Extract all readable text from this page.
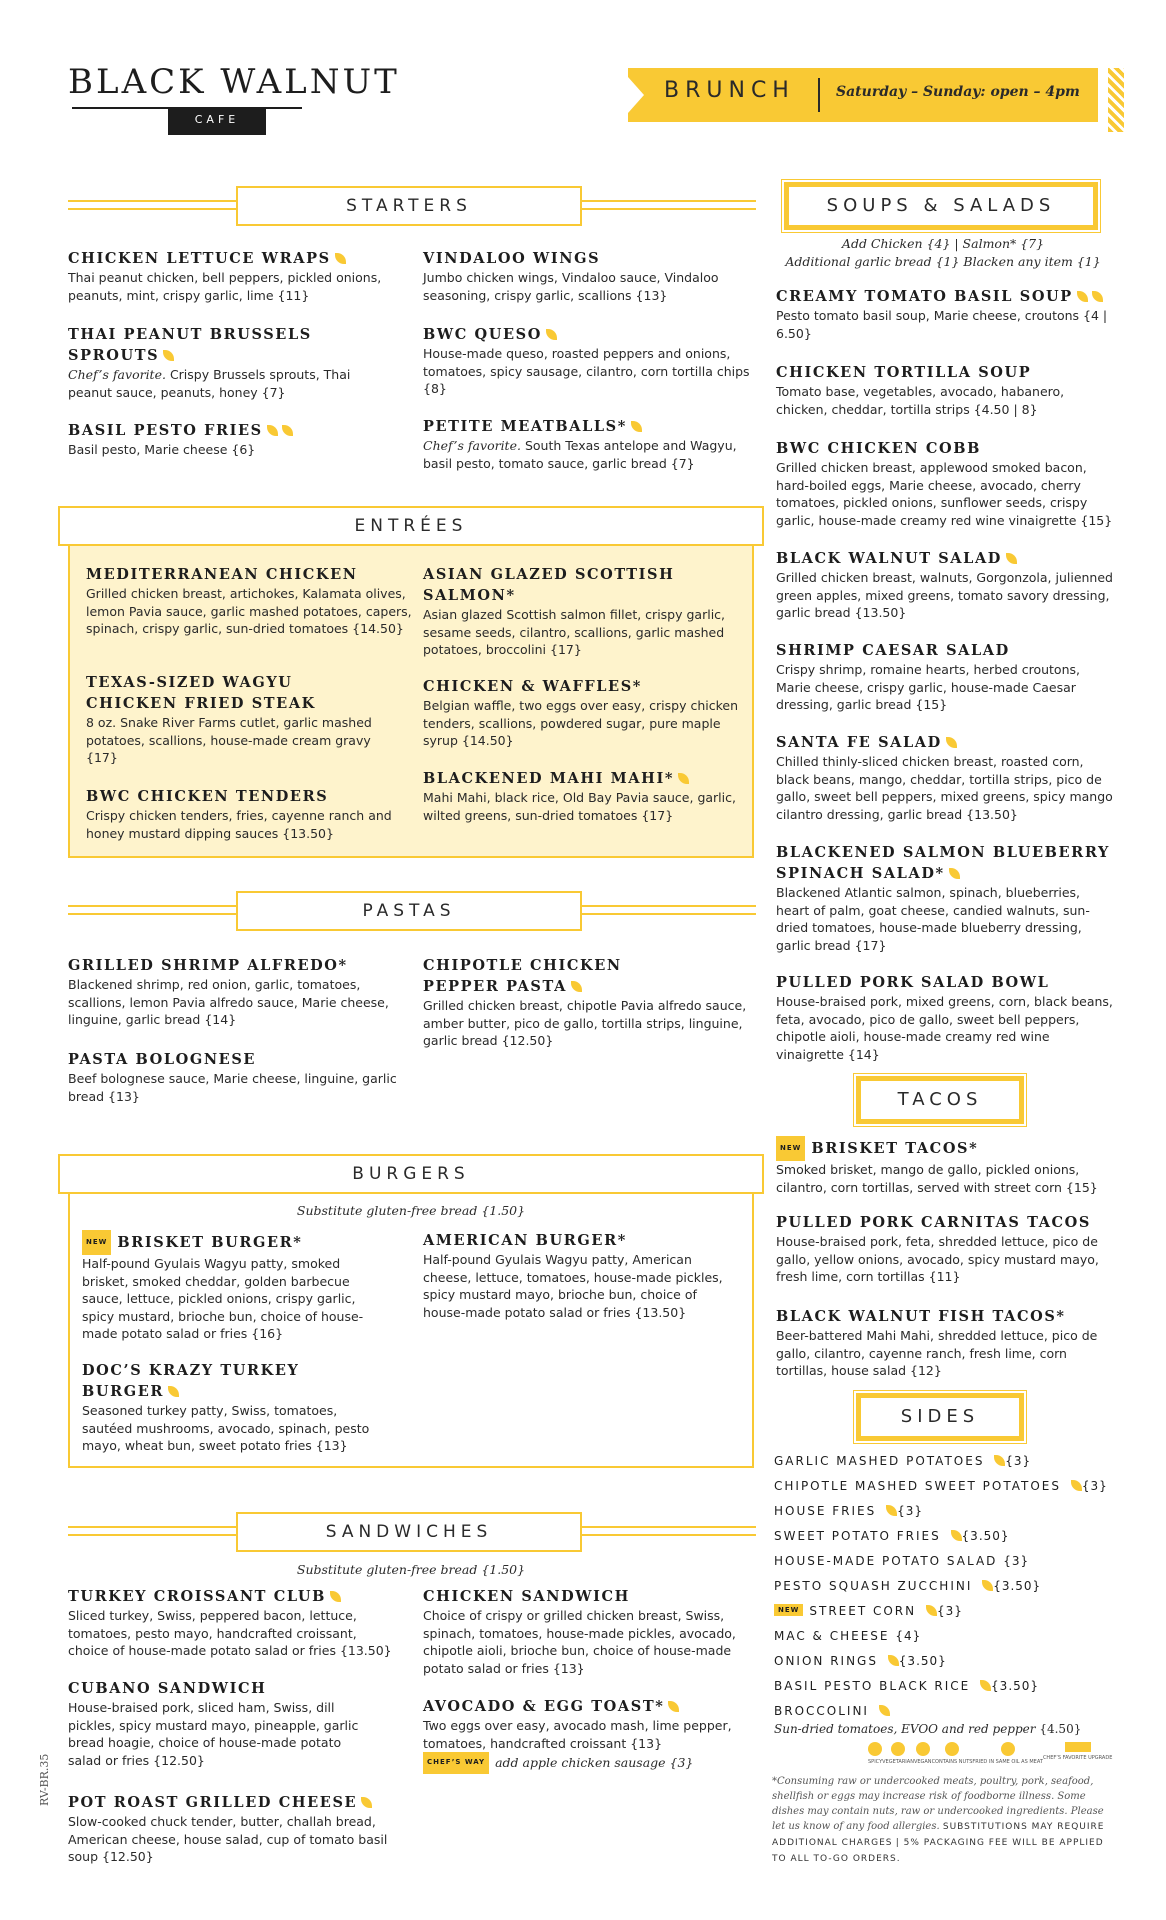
BLACK WALNUT
CAFE
BRUNCH	Saturday – Sunday: open – 4pm
STARTERS
CHICKEN LETTUCE WRAPS
Thai peanut chicken, bell peppers, pickled onions, peanuts, mint, crispy garlic, lime {11}
VINDALOO WINGS
Jumbo chicken wings, Vindaloo sauce, Vindaloo seasoning, crispy garlic, scallions {13}
THAI PEANUT BRUSSELS SPROUTS
Chef’s favorite. Crispy Brussels sprouts, Thai peanut sauce, peanuts, honey {7}
BWC QUESO
House-made queso, roasted peppers and onions, tomatoes, spicy sausage, cilantro, corn tortilla chips {8}
BASIL PESTO FRIES
Basil pesto, Marie cheese {6}
PETITE MEATBALLS*
Chef’s favorite. South Texas antelope and Wagyu, basil pesto, tomato sauce, garlic bread {7}
ENTRÉES
MEDITERRANEAN CHICKEN
Grilled chicken breast, artichokes, Kalamata olives, lemon Pavia sauce, garlic mashed potatoes, capers, spinach, crispy garlic, sun-dried tomatoes {14.50}
ASIAN GLAZED SCOTTISH SALMON*
Asian glazed Scottish salmon fillet, crispy garlic, sesame seeds, cilantro, scallions, garlic mashed potatoes, broccolini {17}
TEXAS-SIZED WAGYU CHICKEN FRIED STEAK
8 oz. Snake River Farms cutlet, garlic mashed potatoes, scallions, house-made cream gravy {17}
CHICKEN & WAFFLES*
Belgian waffle, two eggs over easy, crispy chicken tenders, scallions, powdered sugar, pure maple syrup {14.50}
BWC CHICKEN TENDERS
Crispy chicken tenders, fries, cayenne ranch and honey mustard dipping sauces {13.50}
BLACKENED MAHI MAHI*
Mahi Mahi, black rice, Old Bay Pavia sauce, garlic, wilted greens, sun-dried tomatoes {17}
PASTAS
GRILLED SHRIMP ALFREDO*
Blackened shrimp, red onion, garlic, tomatoes, scallions, lemon Pavia alfredo sauce, Marie cheese, linguine, garlic bread {14}
CHIPOTLE CHICKEN PEPPER PASTA
Grilled chicken breast, chipotle Pavia alfredo sauce, amber butter, pico de gallo, tortilla strips, linguine, garlic bread {12.50}
PASTA BOLOGNESE
Beef bolognese sauce, Marie cheese, linguine, garlic bread {13}
BURGERS
Substitute gluten-free bread {1.50}
NEW BRISKET BURGER*
Half-pound Gyulais Wagyu patty, smoked brisket, smoked cheddar, golden barbecue sauce, lettuce, pickled onions, crispy garlic, spicy mustard, brioche bun, choice of house-made potato salad or fries {16}
AMERICAN BURGER*
Half-pound Gyulais Wagyu patty, American cheese, lettuce, tomatoes, house-made pickles, spicy mustard mayo, brioche bun, choice of house-made potato salad or fries {13.50}
DOC’S KRAZY TURKEY BURGER
Seasoned turkey patty, Swiss, tomatoes, sautéed mushrooms, avocado, spinach, pesto mayo, wheat bun, sweet potato fries {13}
SANDWICHES
Substitute gluten-free bread {1.50}
TURKEY CROISSANT CLUB
Sliced turkey, Swiss, peppered bacon, lettuce, tomatoes, pesto mayo, handcrafted croissant, choice of house-made potato salad or fries {13.50}
CHICKEN SANDWICH
Choice of crispy or grilled chicken breast, Swiss, spinach, tomatoes, house-made pickles, avocado, chipotle aioli, brioche bun, choice of house-made potato salad or fries {13}
CUBANO SANDWICH
House-braised pork, sliced ham, Swiss, dill pickles, spicy mustard mayo, pineapple, garlic bread hoagie, choice of house-made potato salad or fries {12.50}
AVOCADO & EGG TOAST*
Two eggs over easy, avocado mash, lime pepper, tomatoes, handcrafted croissant {13}
CHEF’S WAY add apple chicken sausage {3}
POT ROAST GRILLED CHEESE
Slow-cooked chuck tender, butter, challah bread, American cheese, house salad, cup of tomato basil soup {12.50}
SOUPS & SALADS
Add Chicken {4} | Salmon* {7}
Additional garlic bread {1} Blacken any item {1}
CREAMY TOMATO BASIL SOUP
Pesto tomato basil soup, Marie cheese, croutons {4 | 6.50}
CHICKEN TORTILLA SOUP
Tomato base, vegetables, avocado, habanero, chicken, cheddar, tortilla strips {4.50 | 8}
BWC CHICKEN COBB
Grilled chicken breast, applewood smoked bacon, hard-boiled eggs, Marie cheese, avocado, cherry tomatoes, pickled onions, sunflower seeds, crispy garlic, house-made creamy red wine vinaigrette {15}
BLACK WALNUT SALAD
Grilled chicken breast, walnuts, Gorgonzola, julienned green apples, mixed greens, tomato savory dressing, garlic bread {13.50}
SHRIMP CAESAR SALAD
Crispy shrimp, romaine hearts, herbed croutons, Marie cheese, crispy garlic, house-made Caesar dressing, garlic bread {15}
SANTA FE SALAD
Chilled thinly-sliced chicken breast, roasted corn, black beans, mango, cheddar, tortilla strips, pico de gallo, sweet bell peppers, mixed greens, spicy mango cilantro dressing, garlic bread {13.50}
BLACKENED SALMON BLUEBERRY SPINACH SALAD*
Blackened Atlantic salmon, spinach, blueberries, heart of palm, goat cheese, candied walnuts, sun-dried tomatoes, house-made blueberry dressing, garlic bread {17}
PULLED PORK SALAD BOWL
House-braised pork, mixed greens, corn, black beans, feta, avocado, pico de gallo, sweet bell peppers, chipotle aioli, house-made creamy red wine vinaigrette {14}
TACOS
NEW BRISKET TACOS*
Smoked brisket, mango de gallo, pickled onions, cilantro, corn tortillas, served with street corn {15}
PULLED PORK CARNITAS TACOS
House-braised pork, feta, shredded lettuce, pico de gallo, yellow onions, avocado, spicy mustard mayo, fresh lime, corn tortillas {11}
BLACK WALNUT FISH TACOS*
Beer-battered Mahi Mahi, shredded lettuce, pico de gallo, cilantro, cayenne ranch, fresh lime, corn tortillas, house salad {12}
SIDES
GARLIC MASHED POTATOES {3}
CHIPOTLE MASHED SWEET POTATOES {3}
HOUSE FRIES {3}
SWEET POTATO FRIES {3.50}
HOUSE-MADE POTATO SALAD {3}
PESTO SQUASH ZUCCHINI {3.50}
NEW STREET CORN {3}
MAC & CHEESE {4}
ONION RINGS {3.50}
BASIL PESTO BLACK RICE {3.50}
BROCCOLINI
Sun-dried tomatoes, EVOO and red pepper {4.50}
SPICY VEGETARIAN VEGAN CONTAINS NUTS FRIED IN SAME OIL AS MEAT
CHEF’S FAVORITE UPGRADE
*Consuming raw or undercooked meats, poultry, pork, seafood, shellfish or eggs may increase risk of foodborne illness. Some dishes may contain nuts, raw or undercooked ingredients. Please let us know of any food allergies. SUBSTITUTIONS MAY REQUIRE ADDITIONAL CHARGES | 5% PACKAGING FEE WILL BE APPLIED TO ALL TO-GO ORDERS.
RV-BR.35
